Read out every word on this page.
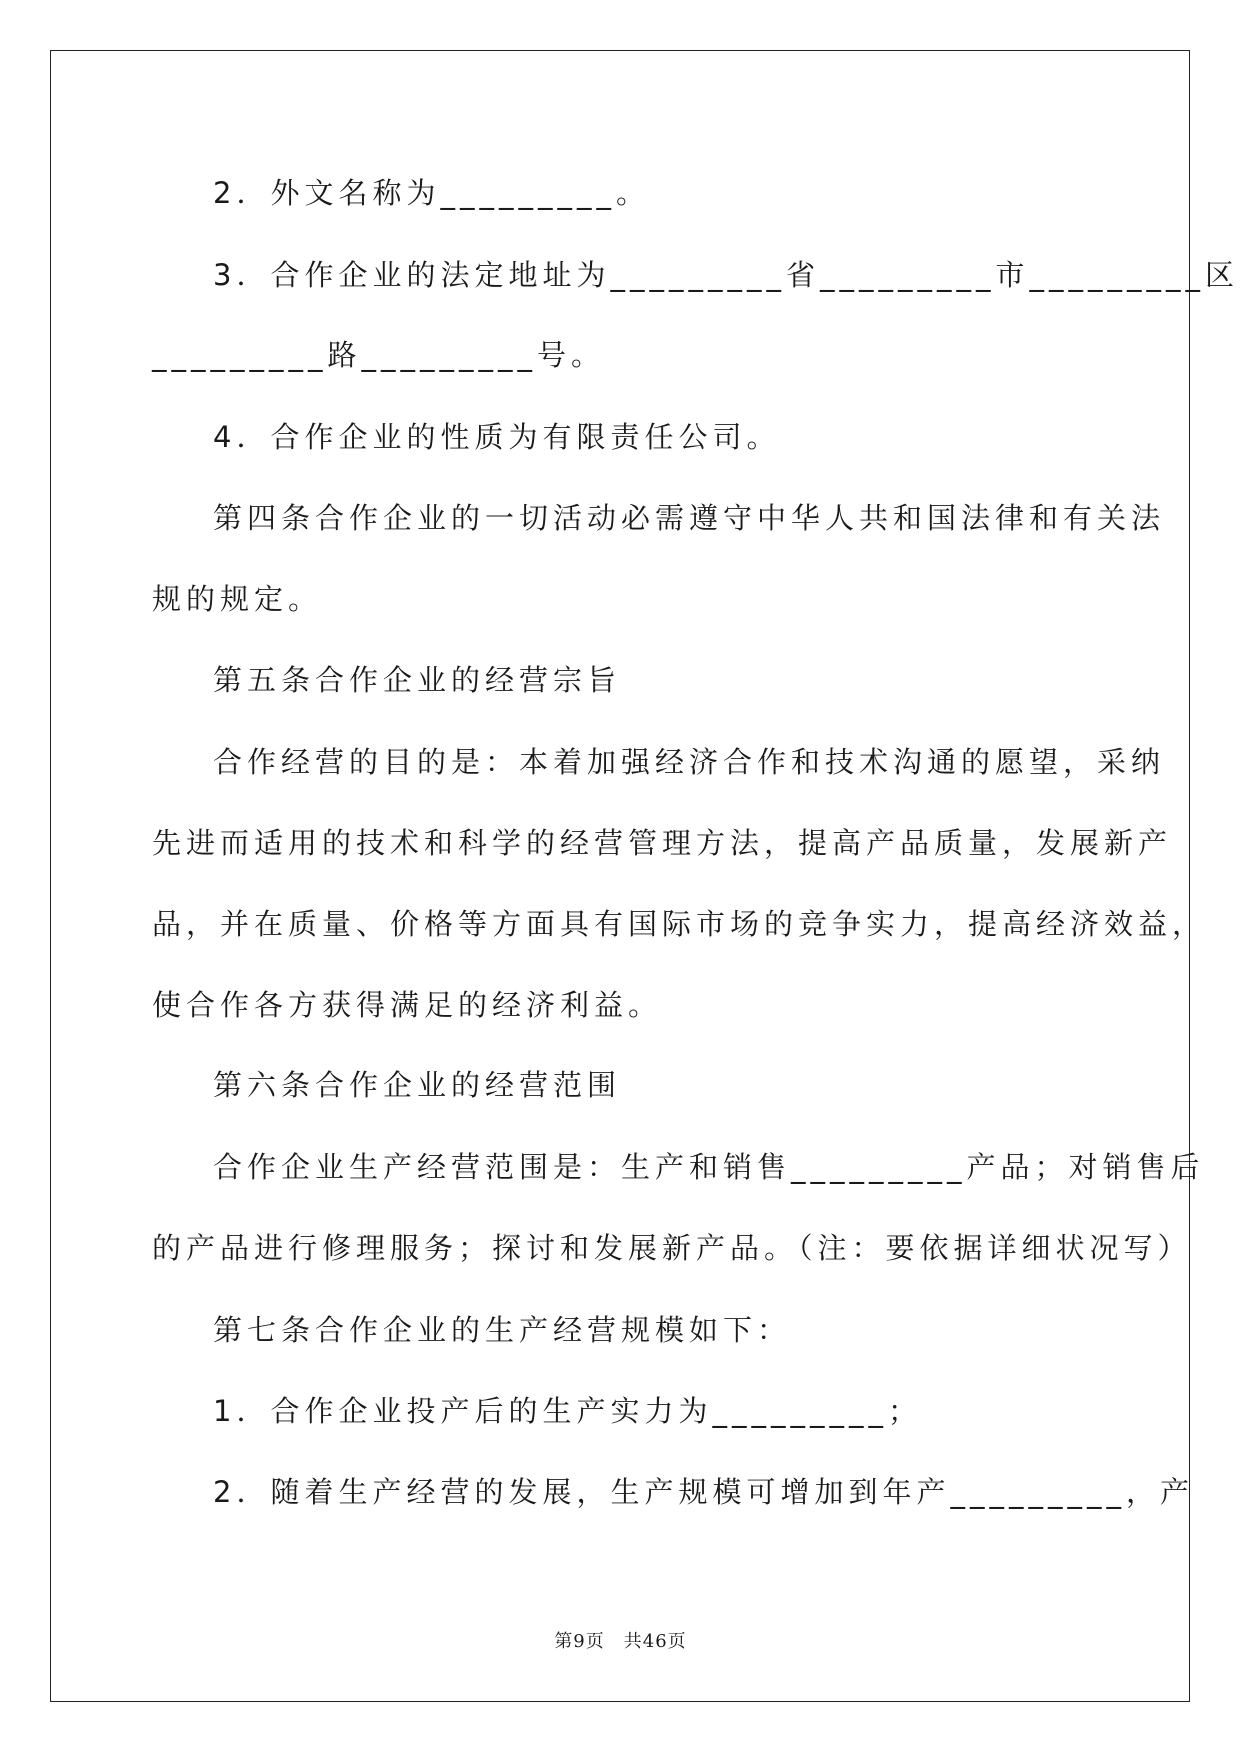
2．外文名称为_________。
3．合作企业的法定地址为_________省_________市_________区
_________路_________号。
4．合作企业的性质为有限责任公司。
第四条合作企业的一切活动必需遵守中华人共和国法律和有关法
规的规定。
第五条合作企业的经营宗旨
合作经营的目的是：本着加强经济合作和技术沟通的愿望，采纳
先进而适用的技术和科学的经营管理方法，提高产品质量，发展新产
品，并在质量、价格等方面具有国际市场的竞争实力，提高经济效益，
使合作各方获得满足的经济利益。
第六条合作企业的经营范围
合作企业生产经营范围是：生产和销售_________产品；对销售后
的产品进行修理服务；探讨和发展新产品。（注：要依据详细状况写）
第七条合作企业的生产经营规模如下：
1．合作企业投产后的生产实力为_________；
2．随着生产经营的发展，生产规模可增加到年产_________，产
第9页　共46页
